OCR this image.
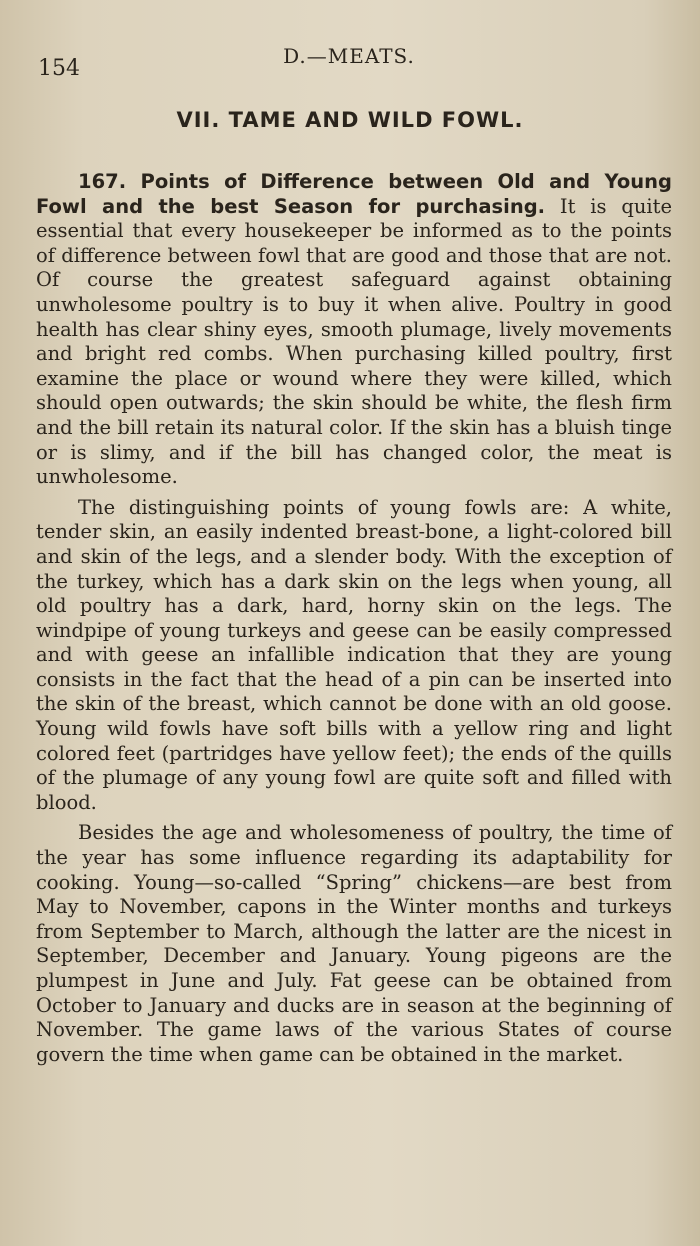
154	D.—MEATS.
VII. TAME AND WILD FOWL.

167. Points of Difference between Old and Young Fowl and the best Season for purchasing. It is quite essential that every housekeeper be informed as to the points of difference between fowl that are good and those that are not. Of course the greatest safeguard against obtaining unwholesome poultry is to buy it when alive. Poultry in good health has clear shiny eyes, smooth plumage, lively movements and bright red combs. When purchasing killed poultry, first examine the place or wound where they were killed, which should open outwards; the skin should be white, the flesh firm and the bill retain its natural color. If the skin has a bluish tinge or is slimy, and if the bill has changed color, the meat is unwholesome.

The distinguishing points of young fowls are: A white, tender skin, an easily indented breast-bone, a light-colored bill and skin of the legs, and a slender body. With the exception of the turkey, which has a dark skin on the legs when young, all old poultry has a dark, hard, horny skin on the legs. The windpipe of young turkeys and geese can be easily compressed and with geese an infallible indication that they are young consists in the fact that the head of a pin can be inserted into the skin of the breast, which cannot be done with an old goose. Young wild fowls have soft bills with a yellow ring and light colored feet (partridges have yellow feet); the ends of the quills of the plumage of any young fowl are quite soft and filled with blood.

Besides the age and wholesomeness of poultry, the time of the year has some influence regarding its adaptability for cooking. Young—so-called “Spring” chickens—are best from May to November, capons in the Winter months and turkeys from September to March, although the latter are the nicest in September, December and January. Young pigeons are the plumpest in June and July. Fat geese can be obtained from October to January and ducks are in season at the beginning of November. The game laws of the various States of course govern the time when game can be obtained in the market.
